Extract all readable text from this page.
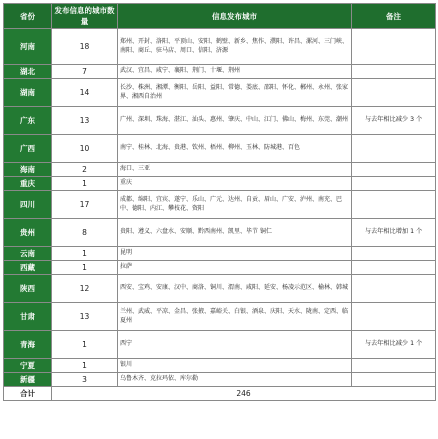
省份	发布信息的城市数量	信息发布城市	备注
河南	18	郑州、开封、洛阳、平顶山、安阳、鹤壁、新乡、焦作、濮阳、许昌、漯河、三门峡、南阳、商丘、驻马店、周口、信阳、济源	
湖北	7	武汉、宜昌、咸宁、襄阳、荆门、十堰、荆州	
湖南	14	长沙、株洲、湘潭、衡阳、岳阳、益阳、常德、娄底、邵阳、怀化、郴州、永州、张家界、湘西自治州	
广东	13	广州、深圳、珠海、湛江、汕头、惠州、肇庆、中山、江门、佛山、梅州、东莞、潮州	与去年相比减少 3 个
广西	10	南宁、桂林、北海、贵港、钦州、梧州、柳州、玉林、防城港、百色	
海南	2	海口、三亚	
重庆	1	重庆	
四川	17	成都、绵阳、宜宾、遂宁、乐山、广元、达州、自贡、眉山、广安、泸州、南充、巴中、德阳、内江、攀枝花、资阳	
贵州	8	贵阳、遵义、六盘水、安顺、黔西南州、凯里、毕节 铜仁	与去年相比增加 1 个
云南	1	昆明	
西藏	1	拉萨	
陕西	12	西安、宝鸡、安康、汉中、商洛、铜川、渭南、咸阳、延安、杨凌示范区、榆林、韩城	
甘肃	13	兰州、武威、平凉、金昌、张掖、嘉峪关、白银、酒泉、庆阳、天水、陇南、定西、临夏州	
青海	1	西宁	与去年相比减少 1 个
宁夏	1	银川	
新疆	3	乌鲁木齐、克拉玛依、库尔勒	
合计	246		
